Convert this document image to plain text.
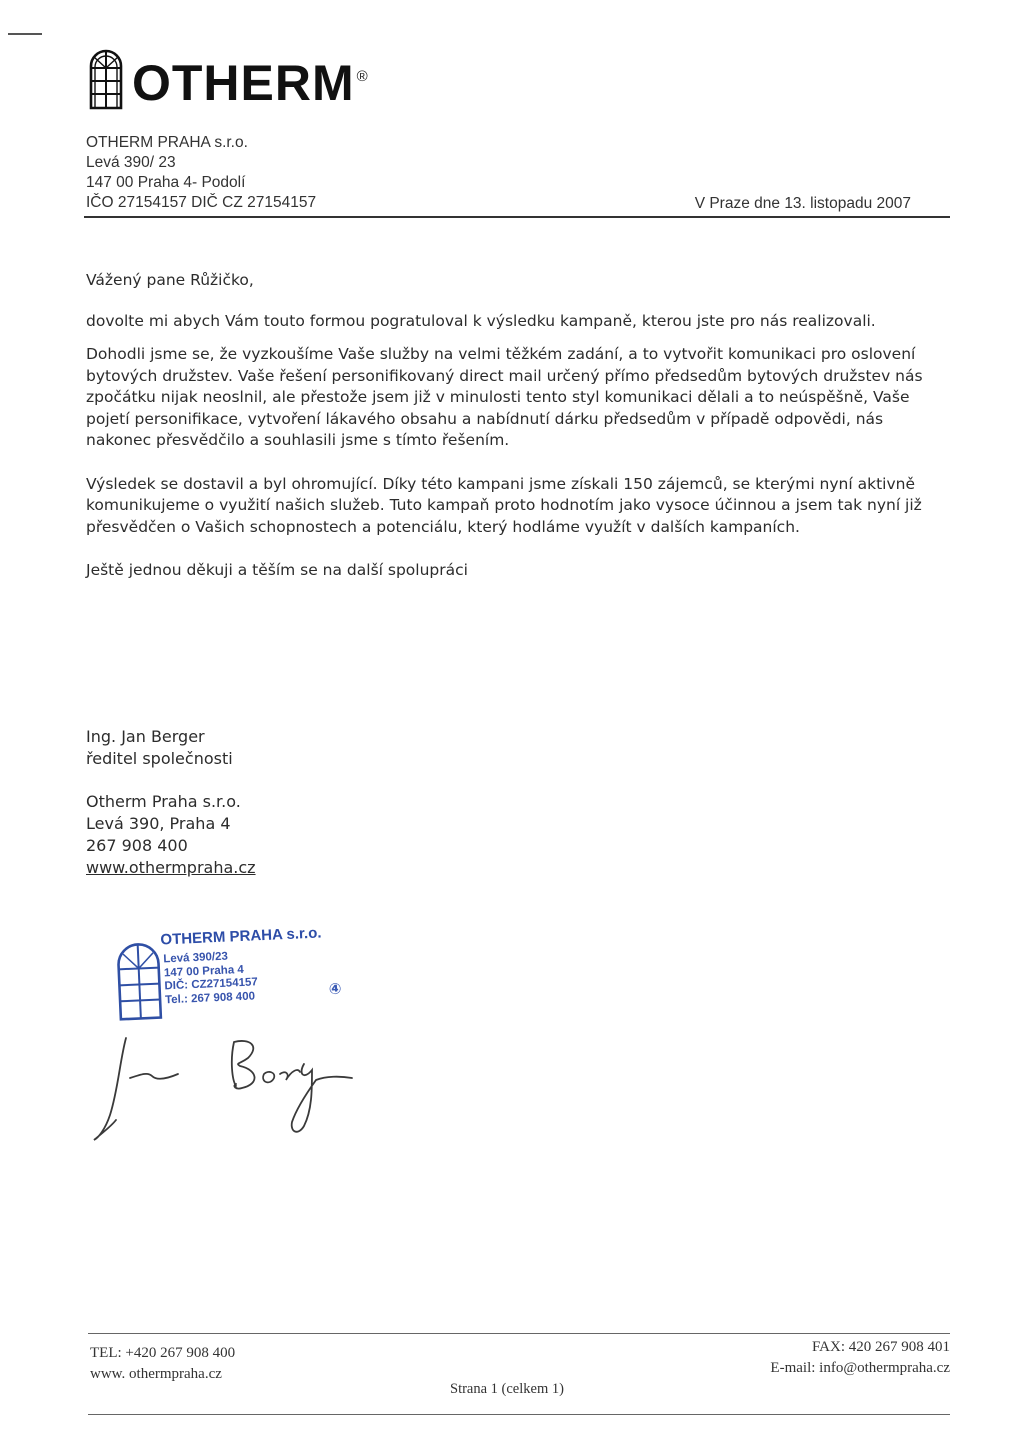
OTHERM ®
OTHERM PRAHA s.r.o.
Levá 390/ 23
147 00 Praha 4- Podolí
IČO 27154157 DIČ CZ 27154157	V Praze dne 13. listopadu 2007

Vážený pane Růžičko,

dovolte mi abych Vám touto formou pogratuloval k výsledku kampaně, kterou jste pro nás realizovali.

Dohodli jsme se, že vyzkoušíme Vaše služby na velmi těžkém zadání, a to vytvořit komunikaci pro oslovení bytových družstev. Vaše řešení personifikovaný direct mail určený přímo předsedům bytových družstev nás zpočátku nijak neoslnil, ale přestože jsem již v minulosti tento styl komunikaci dělali a to neúspěšně, Vaše pojetí personifikace, vytvoření lákavého obsahu a nabídnutí dárku předsedům v případě odpovědi, nás nakonec přesvědčilo a souhlasili jsme s tímto řešením.

Výsledek se dostavil a byl ohromující. Díky této kampani jsme získali 150 zájemců, se kterými nyní aktivně komunikujeme o využití našich služeb. Tuto kampaň proto hodnotím jako vysoce účinnou a jsem tak nyní již přesvědčen o Vašich schopnostech a potenciálu, který hodláme využít v dalších kampaních.

Ještě jednou děkuji a těším se na další spolupráci

Ing. Jan Berger
ředitel společnosti
Otherm Praha s.r.o.
Levá 390, Praha 4
267 908 400
www.othermpraha.cz
OTHERM PRAHA s.r.o.
Levá 390/23
147 00 Praha 4
DIČ: CZ27154157
Tel.: 267 908 400	④
TEL: +420 267 908 400
www. othermpraha.cz
FAX: 420 267 908 401
E-mail: info@othermpraha.cz
Strana 1 (celkem 1)
